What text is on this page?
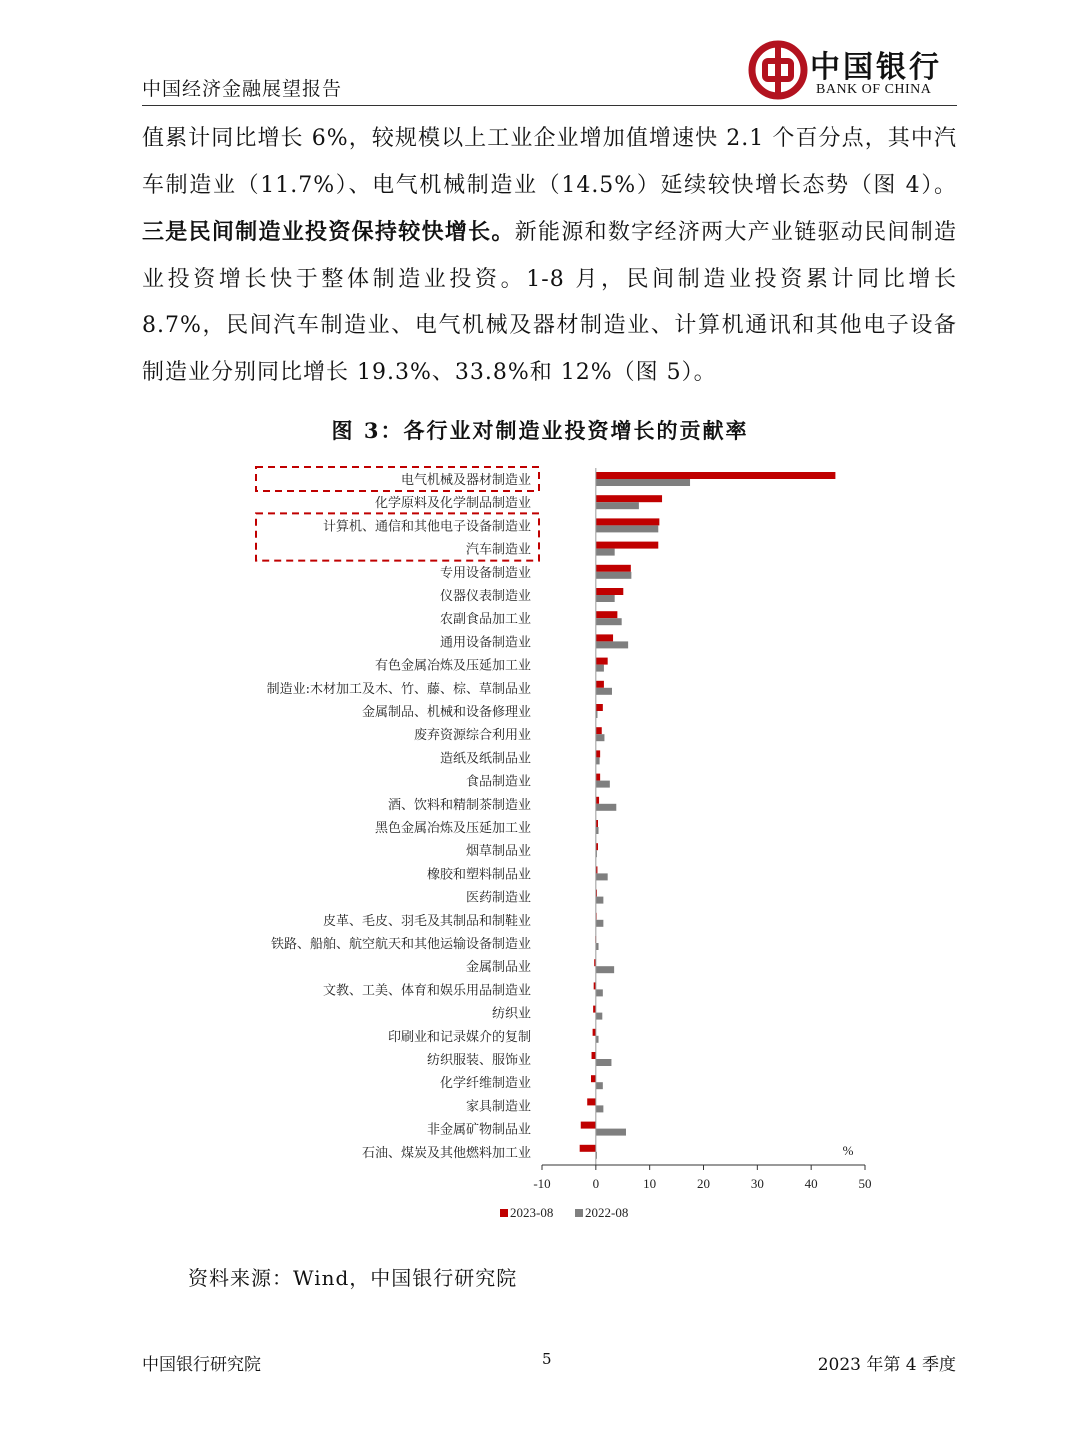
中国经济金融展望报告
中国银行
BANK OF CHINA
值累计同比增长 6%，较规模以上工业企业增加值增速快 2.1 个百分点，其中汽车制造业（11.7%）、电气机械制造业（14.5%）延续较快增长态势（图 4）。三是民间制造业投资保持较快增长。新能源和数字经济两大产业链驱动民间制造业投资增长快于整体制造业投资。1-8 月，民间制造业投资累计同比增长 8.7%，民间汽车制造业、电气机械及器材制造业、计算机通讯和其他电子设备制造业分别同比增长 19.3%、33.8%和 12%（图 5）。
图 3：各行业对制造业投资增长的贡献率
电气机械及器材制造业
化学原料及化学制品制造业
计算机、通信和其他电子设备制造业
汽车制造业
专用设备制造业
仪器仪表制造业
农副食品加工业
通用设备制造业
有色金属冶炼及压延加工业
制造业:木材加工及木、竹、藤、棕、草制品业
金属制品、机械和设备修理业
废弃资源综合利用业
造纸及纸制品业
食品制造业
酒、饮料和精制茶制造业
黑色金属冶炼及压延加工业
烟草制品业
橡胶和塑料制品业
医药制造业
皮革、毛皮、羽毛及其制品和制鞋业
铁路、船舶、航空航天和其他运输设备制造业
金属制品业
文教、工美、体育和娱乐用品制造业
纺织业
印刷业和记录媒介的复制
纺织服装、服饰业
化学纤维制造业
家具制造业
非金属矿物制品业
石油、煤炭及其他燃料加工业
-10	0	10	20	30	40	50
%
2023-08 2022-08
资料来源：Wind，中国银行研究院
中国银行研究院	5	2023 年第 4 季度
